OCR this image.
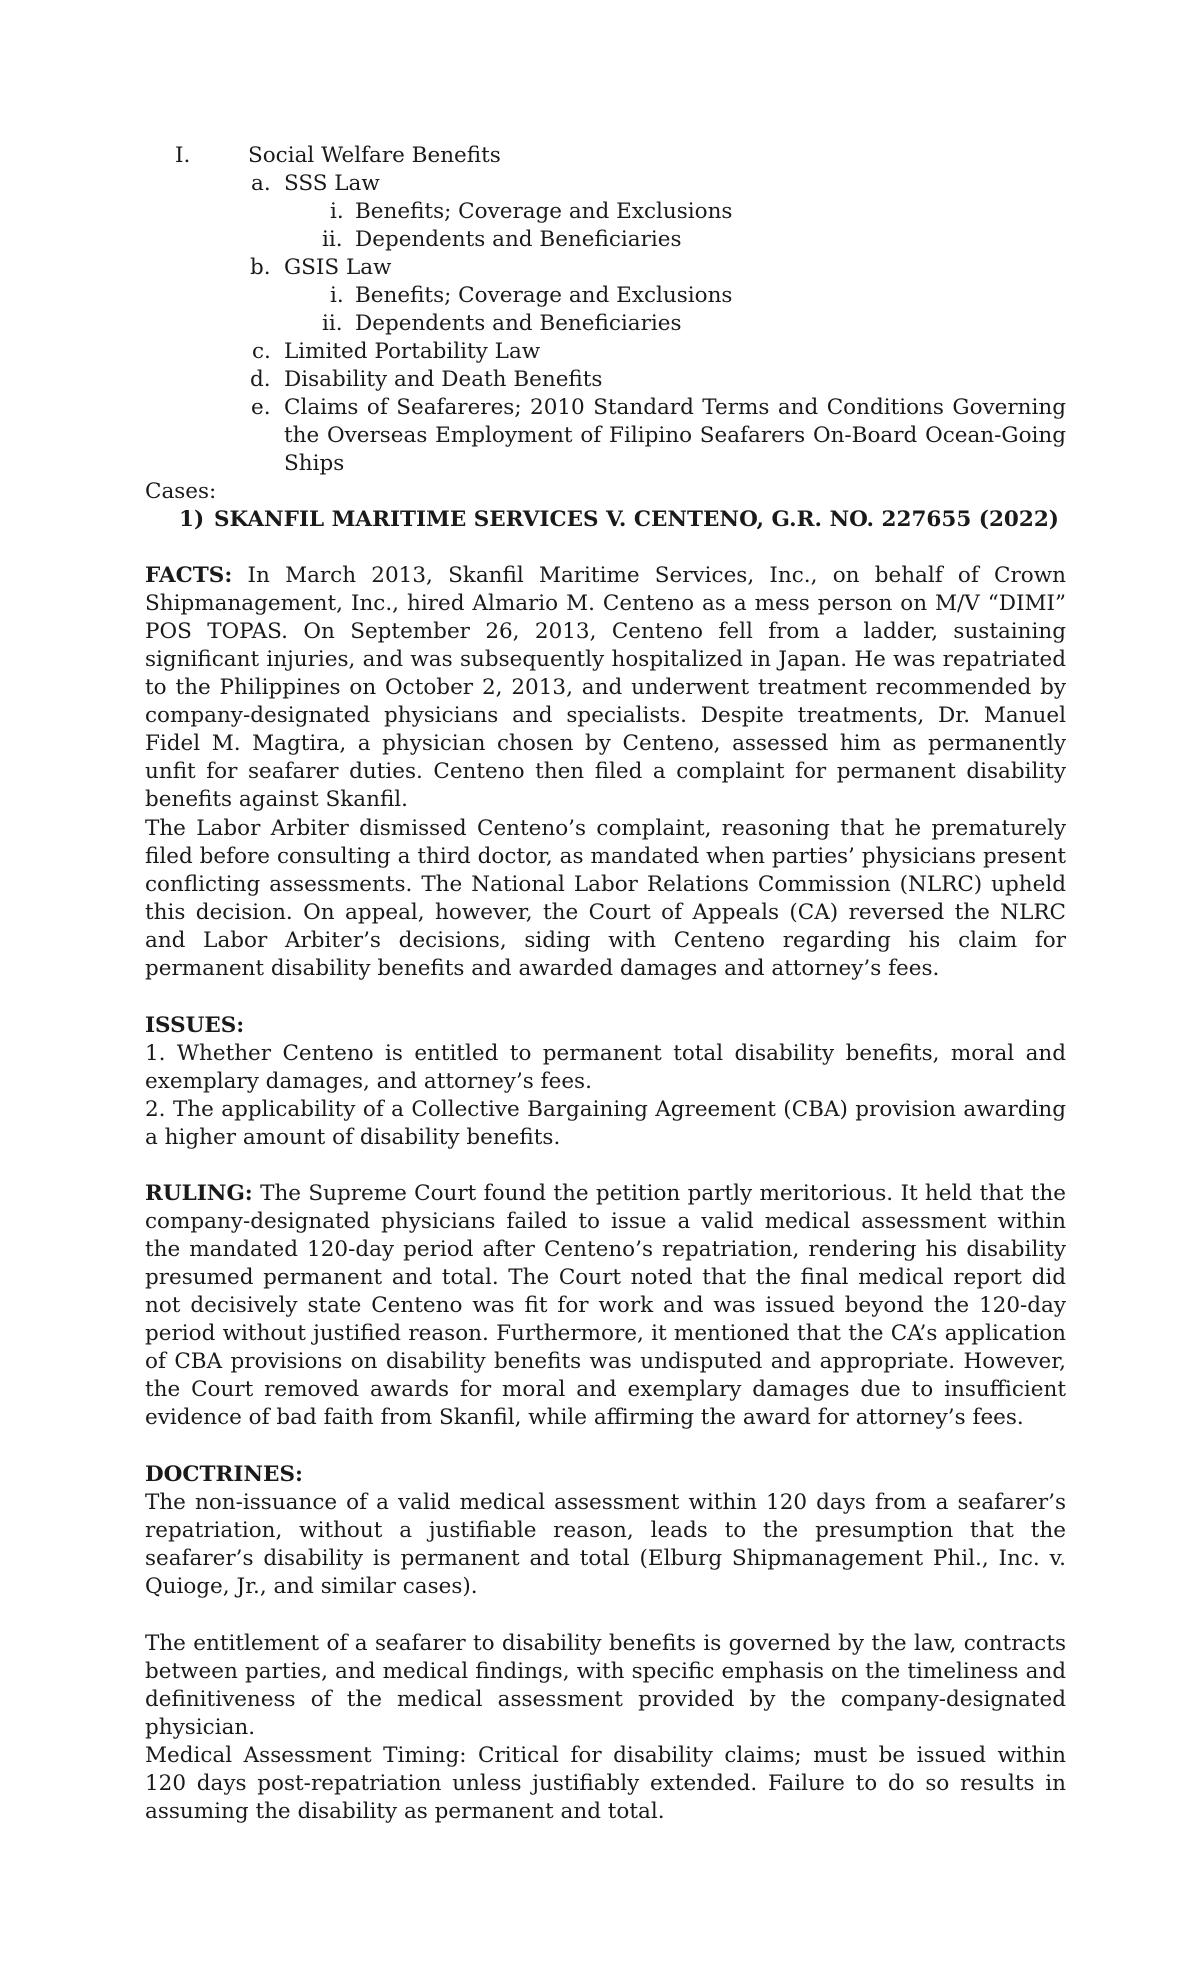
I.	Social Welfare Benefits
a. SSS Law
i. Benefits; Coverage and Exclusions
ii. Dependents and Beneficiaries
b. GSIS Law
i. Benefits; Coverage and Exclusions
ii. Dependents and Beneficiaries
c. Limited Portability Law
d. Disability and Death Benefits
e. Claims of Seafareres; 2010 Standard Terms and Conditions Governing the Overseas Employment of Filipino Seafarers On-Board Ocean-Going Ships
Cases:
1) SKANFIL MARITIME SERVICES V. CENTENO, G.R. NO. 227655 (2022)
FACTS: In March 2013, Skanfil Maritime Services, Inc., on behalf of Crown Shipmanagement, Inc., hired Almario M. Centeno as a mess person on M/V “DIMI” POS TOPAS. On September 26, 2013, Centeno fell from a ladder, sustaining significant injuries, and was subsequently hospitalized in Japan. He was repatriated to the Philippines on October 2, 2013, and underwent treatment recommended by company-designated physicians and specialists. Despite treatments, Dr. Manuel Fidel M. Magtira, a physician chosen by Centeno, assessed him as permanently unfit for seafarer duties. Centeno then filed a complaint for permanent disability benefits against Skanfil.
The Labor Arbiter dismissed Centeno’s complaint, reasoning that he prematurely filed before consulting a third doctor, as mandated when parties’ physicians present conflicting assessments. The National Labor Relations Commission (NLRC) upheld this decision. On appeal, however, the Court of Appeals (CA) reversed the NLRC and Labor Arbiter’s decisions, siding with Centeno regarding his claim for permanent disability benefits and awarded damages and attorney’s fees.
ISSUES:
1. Whether Centeno is entitled to permanent total disability benefits, moral and exemplary damages, and attorney’s fees.
2. The applicability of a Collective Bargaining Agreement (CBA) provision awarding a higher amount of disability benefits.
RULING: The Supreme Court found the petition partly meritorious. It held that the company-designated physicians failed to issue a valid medical assessment within the mandated 120-day period after Centeno’s repatriation, rendering his disability presumed permanent and total. The Court noted that the final medical report did not decisively state Centeno was fit for work and was issued beyond the 120-day period without justified reason. Furthermore, it mentioned that the CA’s application of CBA provisions on disability benefits was undisputed and appropriate. However, the Court removed awards for moral and exemplary damages due to insufficient evidence of bad faith from Skanfil, while affirming the award for attorney’s fees.
DOCTRINES:
The non-issuance of a valid medical assessment within 120 days from a seafarer’s repatriation, without a justifiable reason, leads to the presumption that the seafarer’s disability is permanent and total (Elburg Shipmanagement Phil., Inc. v. Quioge, Jr., and similar cases).
The entitlement of a seafarer to disability benefits is governed by the law, contracts between parties, and medical findings, with specific emphasis on the timeliness and definitiveness of the medical assessment provided by the company-designated physician.
Medical Assessment Timing: Critical for disability claims; must be issued within 120 days post-repatriation unless justifiably extended. Failure to do so results in assuming the disability as permanent and total.
